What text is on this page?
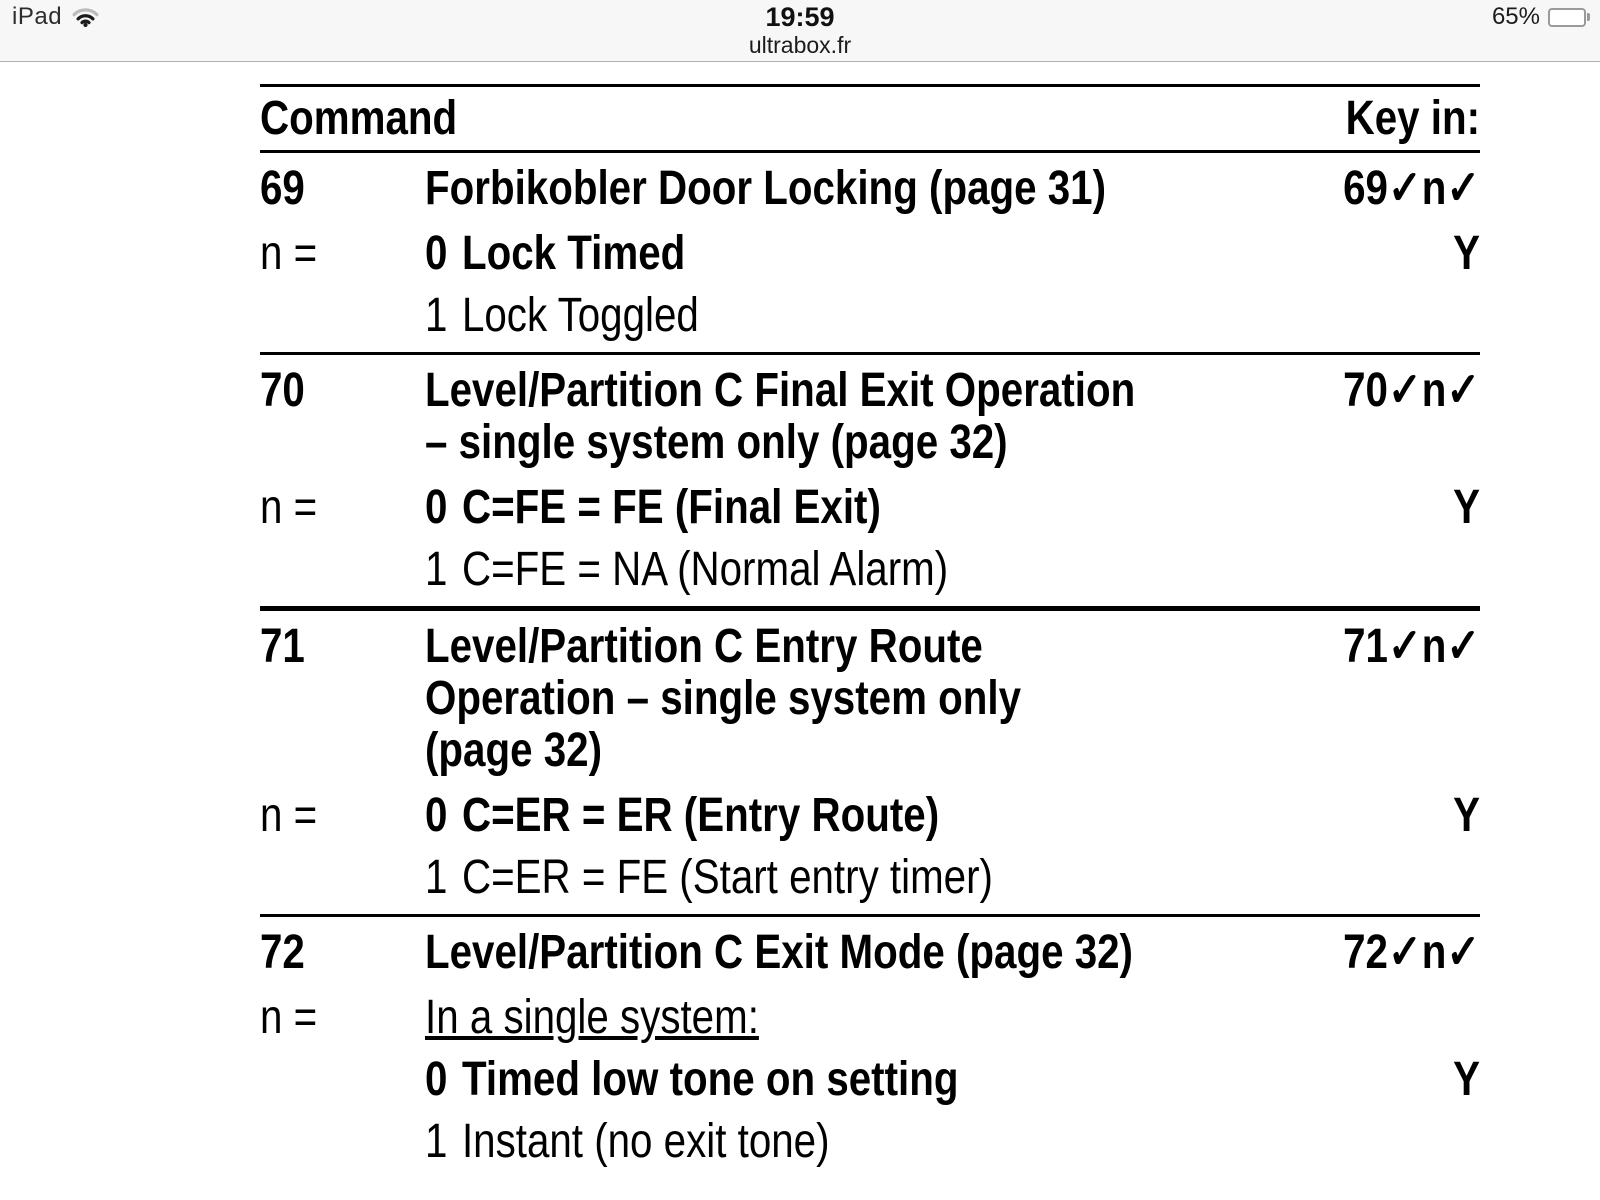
iPad	19:59
ultrabox.fr
65%
Command	Key in:
69	Forbikobler Door Locking (page 31)	69✓n✓
n =	0 Lock Timed	Y
1 Lock Toggled
70	Level/Partition C Final Exit Operation	70✓n✓
– single system only (page 32)
n =	0 C=FE = FE (Final Exit)	Y
1 C=FE = NA (Normal Alarm)
71	Level/Partition C Entry Route	71✓n✓
Operation – single system only
(page 32)
n =	0 C=ER = ER (Entry Route)	Y
1 C=ER = FE (Start entry timer)
72	Level/Partition C Exit Mode (page 32)	72✓n✓
n =	In a single system:
0 Timed low tone on setting	Y
1 Instant (no exit tone)
